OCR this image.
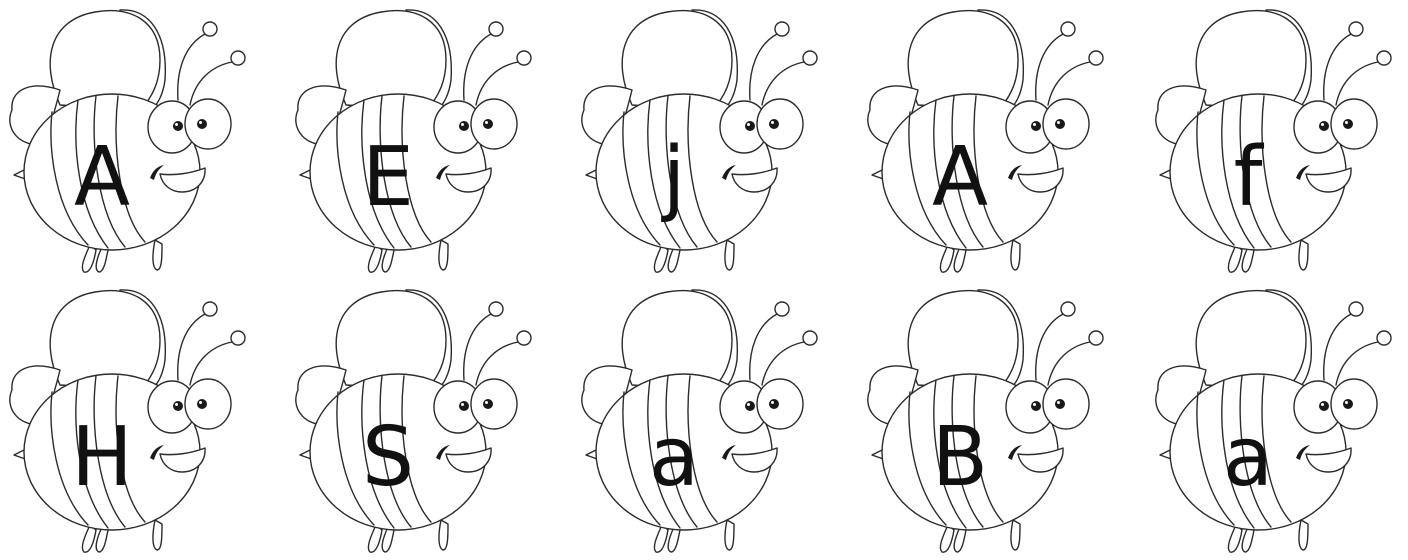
A	E	j	A	f
H	S	a	B	a
